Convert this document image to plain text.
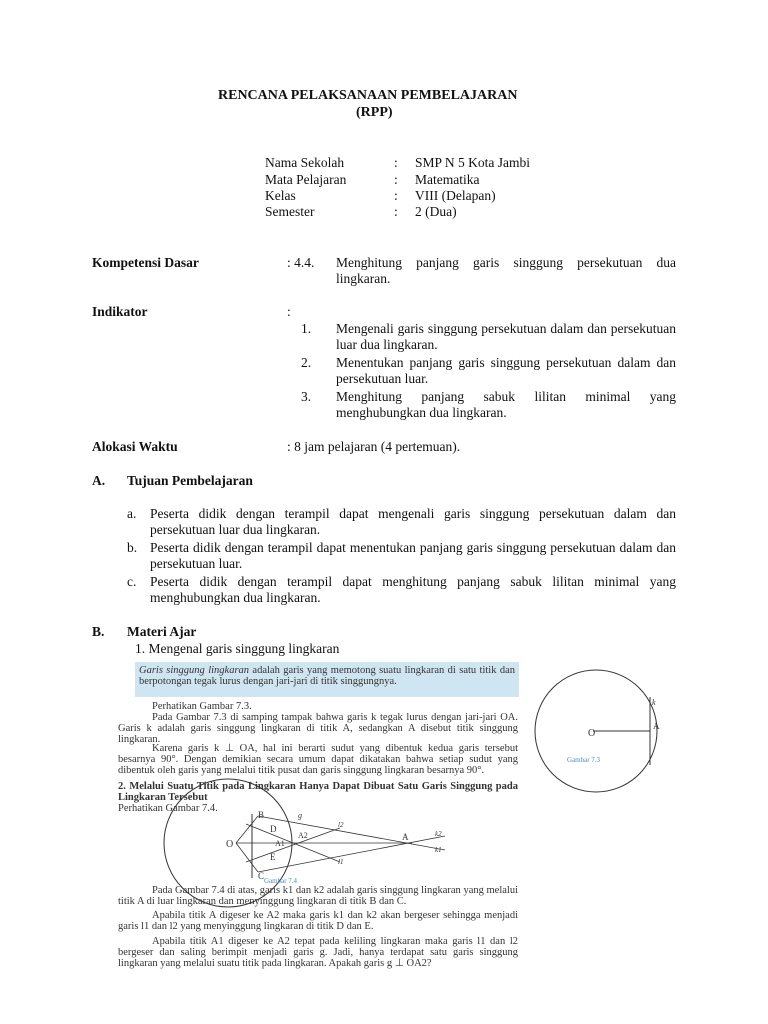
RENCANA PELAKSANAAN PEMBELAJARAN
(RPP)
Nama Sekolah	: SMP N 5 Kota Jambi
Mata Pelajaran	: Matematika
Kelas	: VIII (Delapan)
Semester	: 2 (Dua)
Kompetensi Dasar	: 4.4. Menghitung panjang garis singgung persekutuan dua lingkaran.
Indikator	:
1. Mengenali garis singgung persekutuan dalam dan persekutuan luar dua lingkaran.
2. Menentukan panjang garis singgung persekutuan dalam dan persekutuan luar.
3. Menghitung panjang sabuk lilitan minimal yang menghubungkan dua lingkaran.
Alokasi Waktu	: 8 jam pelajaran (4 pertemuan).
A. Tujuan Pembelajaran
a. Peserta didik dengan terampil dapat mengenali garis singgung persekutuan dalam dan persekutuan luar dua lingkaran.
b. Peserta didik dengan terampil dapat menentukan panjang garis singgung persekutuan dalam dan persekutuan luar.
c. Peserta didik dengan terampil dapat menghitung panjang sabuk lilitan minimal yang menghubungkan dua lingkaran.
B. Materi Ajar
1. Mengenal garis singgung lingkaran
Garis singgung lingkaran adalah garis yang memotong suatu lingkaran di satu titik dan berpotongan tegak lurus dengan jari-jari di titik singgungnya.
Perhatikan Gambar 7.3.
Pada Gambar 7.3 di samping tampak bahwa garis k tegak lurus dengan jari-jari OA. Garis k adalah garis singgung lingkaran di titik A, sedangkan A disebut titik singgung lingkaran.
Karena garis k ⊥ OA, hal ini berarti sudut yang dibentuk kedua garis tersebut besarnya 90°. Dengan demikian secara umum dapat dikatakan bahwa setiap sudut yang dibentuk oleh garis yang melalui titik pusat dan garis singgung lingkaran besarnya 90°.
2. Melalui Suatu Titik pada Lingkaran Hanya Dapat Dibuat Satu Garis Singgung pada Lingkaran Tersebut
Perhatikan Gambar 7.4.
O
A
k
Gambar 7.3
O
B	g
D
A2
l2
A1
A	k2
k1
E
C
l1
Gambar 7.4
Pada Gambar 7.4 di atas, garis k1 dan k2 adalah garis singgung lingkaran yang melalui titik A di luar lingkaran dan menyinggung lingkaran di titik B dan C.
Apabila titik A digeser ke A2 maka garis k1 dan k2 akan bergeser sehingga menjadi garis l1 dan l2 yang menyinggung lingkaran di titik D dan E.
Apabila titik A1 digeser ke A2 tepat pada keliling lingkaran maka garis l1 dan l2 bergeser dan saling berimpit menjadi garis g. Jadi, hanya terdapat satu garis singgung lingkaran yang melalui suatu titik pada lingkaran. Apakah garis g ⊥ OA2?
